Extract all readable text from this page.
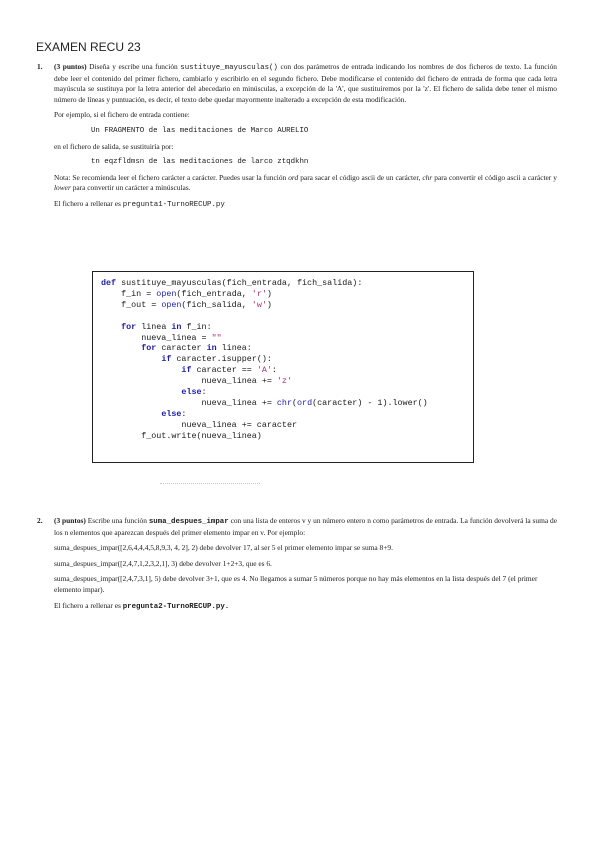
EXAMEN RECU 23
1.	(3 puntos) Diseña y escribe una función sustituye_mayusculas() con dos parámetros de entrada indicando los nombres de dos ficheros de texto. La función debe leer el contenido del primer fichero, cambiarlo y escribirlo en el segundo fichero. Debe modificarse el contenido del fichero de entrada de forma que cada letra mayúscula se sustituya por la letra anterior del abecedario en minúsculas, a excepción de la 'A', que sustituiremos por la 'z'. El fichero de salida debe tener el mismo número de líneas y puntuación, es decir, el texto debe quedar mayormente inalterado a excepción de esta modificación.
Por ejemplo, si el fichero de entrada contiene:
Un FRAGMENTO de las meditaciones de Marco AURELIO
en el fichero de salida, se sustituiría por:
tn eqzfldmsn de las meditaciones de larco ztqdkhn
Nota: Se recomienda leer el fichero carácter a carácter. Puedes usar la función ord para sacar el código ascii de un carácter, chr para convertir el código ascii a carácter y lower para convertir un carácter a minúsculas.
El fichero a rellenar es pregunta1-TurnoRECUP.py
def sustituye_mayusculas(fich_entrada, fich_salida):
f_in = open(fich_entrada, 'r')
f_out = open(fich_salida, 'w')

for linea in f_in:
nueva_linea = ""
for caracter in linea:
if caracter.isupper():
if caracter == 'A':
nueva_linea += 'z'
else:
nueva_linea += chr(ord(caracter) - 1).lower()
else:
nueva_linea += caracter
f_out.write(nueva_linea)
2.	(3 puntos) Escribe una función suma_despues_impar con una lista de enteros v y un número entero n como parámetros de entrada. La función devolverá la suma de los n elementos que aparezcan después del primer elemento impar en v. Por ejemplo:
suma_despues_impar([2,6,4,4,4,5,8,9,3, 4, 2], 2) debe devolver 17, al ser 5 el primer elemento impar se suma 8+9.
suma_despues_impar([2,4,7,1,2,3,2,1], 3) debe devolver 1+2+3, que es 6.
suma_despues_impar([2,4,7,3,1], 5) debe devolver 3+1, que es 4. No llegamos a sumar 5 números porque no hay más elementos en la lista después del 7 (el primer elemento impar).
El fichero a rellenar es pregunta2-TurnoRECUP.py.
